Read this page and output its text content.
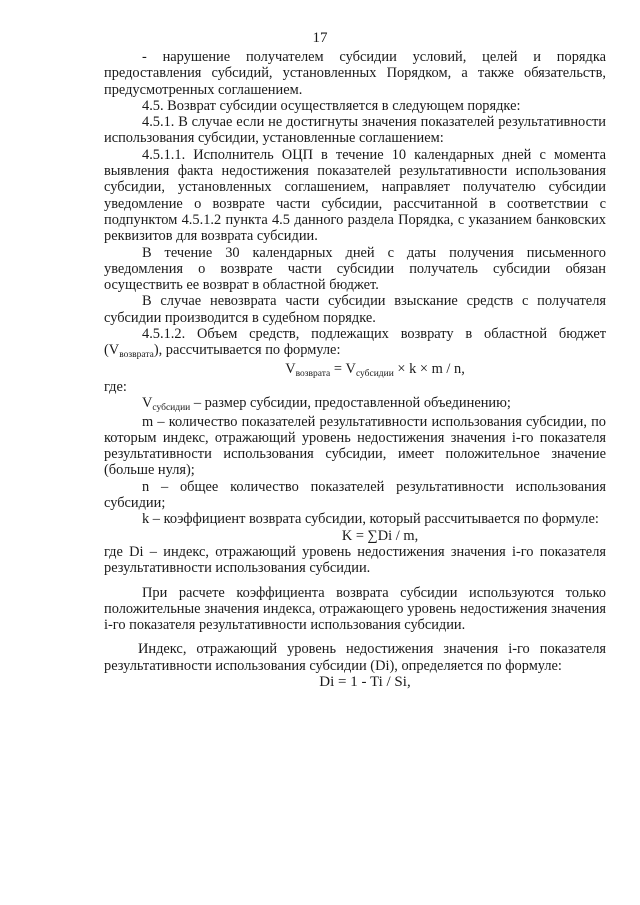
17

- нарушение получателем субсидии условий, целей и порядка предоставления субсидий, установленных Порядком, а также обязательств, предусмотренных соглашением.

4.5. Возврат субсидии осуществляется в следующем порядке:

4.5.1. В случае если не достигнуты значения показателей результативности использования субсидии, установленные соглашением:

4.5.1.1. Исполнитель ОЦП в течение 10 календарных дней с момента выявления факта недостижения показателей результативности использования субсидии, установленных соглашением, направляет получателю субсидии уведомление о возврате части субсидии, рассчитанной в соответствии с подпунктом 4.5.1.2 пункта 4.5 данного раздела Порядка, с указанием банковских реквизитов для возврата субсидии.

В течение 30 календарных дней с даты получения письменного уведомления о возврате части субсидии получатель субсидии обязан осуществить ее возврат в областной бюджет.

В случае невозврата части субсидии взыскание средств с получателя субсидии производится в судебном порядке.

4.5.1.2. Объем средств, подлежащих возврату в областной бюджет $(V_{возврата})$, рассчитывается по формуле:

$V_{возврата} = V_{субсидии} \times k \times m / n$,

где:

$V_{субсидии}$ – размер субсидии, предоставленной объединению;

m – количество показателей результативности использования субсидии, по которым индекс, отражающий уровень недостижения значения i-го показателя результативности использования субсидии, имеет положительное значение (больше нуля);

n – общее количество показателей результативности использования субсидии;

k – коэффициент возврата субсидии, который рассчитывается по формуле:

K = ∑Di / m,

где Di – индекс, отражающий уровень недостижения значения i-го показателя результативности использования субсидии.

При расчете коэффициента возврата субсидии используются только положительные значения индекса, отражающего уровень недостижения значения i-го показателя результативности использования субсидии.

Индекс, отражающий уровень недостижения значения i-го показателя результативности использования субсидии (Di), определяется по формуле:

Di = 1 - Ti / Si,
